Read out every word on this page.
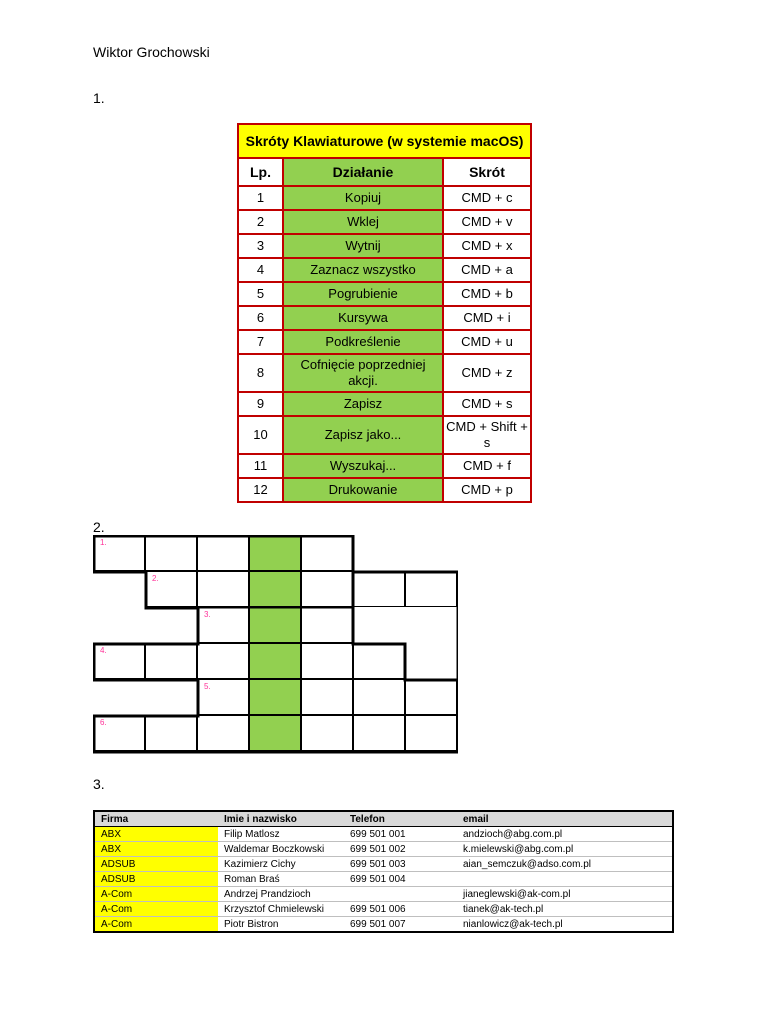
Wiktor Grochowski
1.
2.
3.
Skróty Klawiaturowe (w systemie macOS)		
Lp.	Działanie	Skrót
1	Kopiuj	CMD + c
2	Wklej	CMD + v
3	Wytnij	CMD + x
4	Zaznacz wszystko	CMD + a
5	Pogrubienie	CMD + b
6	Kursywa	CMD + i
7	Podkreślenie	CMD + u
8	Cofnięcie poprzedniej akcji.	CMD + z
9	Zapisz	CMD + s
10	Zapisz jako...	CMD + Shift + s
11	Wyszukaj...	CMD + f
12	Drukowanie	CMD + p
1.
2.
3.
4.
5.
6.
Firma	Imie i nazwisko	Telefon	email
ABX	Filip Matlosz	699 501 001	andzioch@abg.com.pl
ABX	Waldemar Boczkowski	699 501 002	k.mielewski@abg.com.pl
ADSUB	Kazimierz Cichy	699 501 003	aian_semczuk@adso.com.pl
ADSUB	Roman Braś	699 501 004	
A-Com	Andrzej Prandzioch		jianeglewski@ak-com.pl
A-Com	Krzysztof Chmielewski	699 501 006	tianek@ak-tech.pl
A-Com	Piotr Bistron	699 501 007	nianlowicz@ak-tech.pl
